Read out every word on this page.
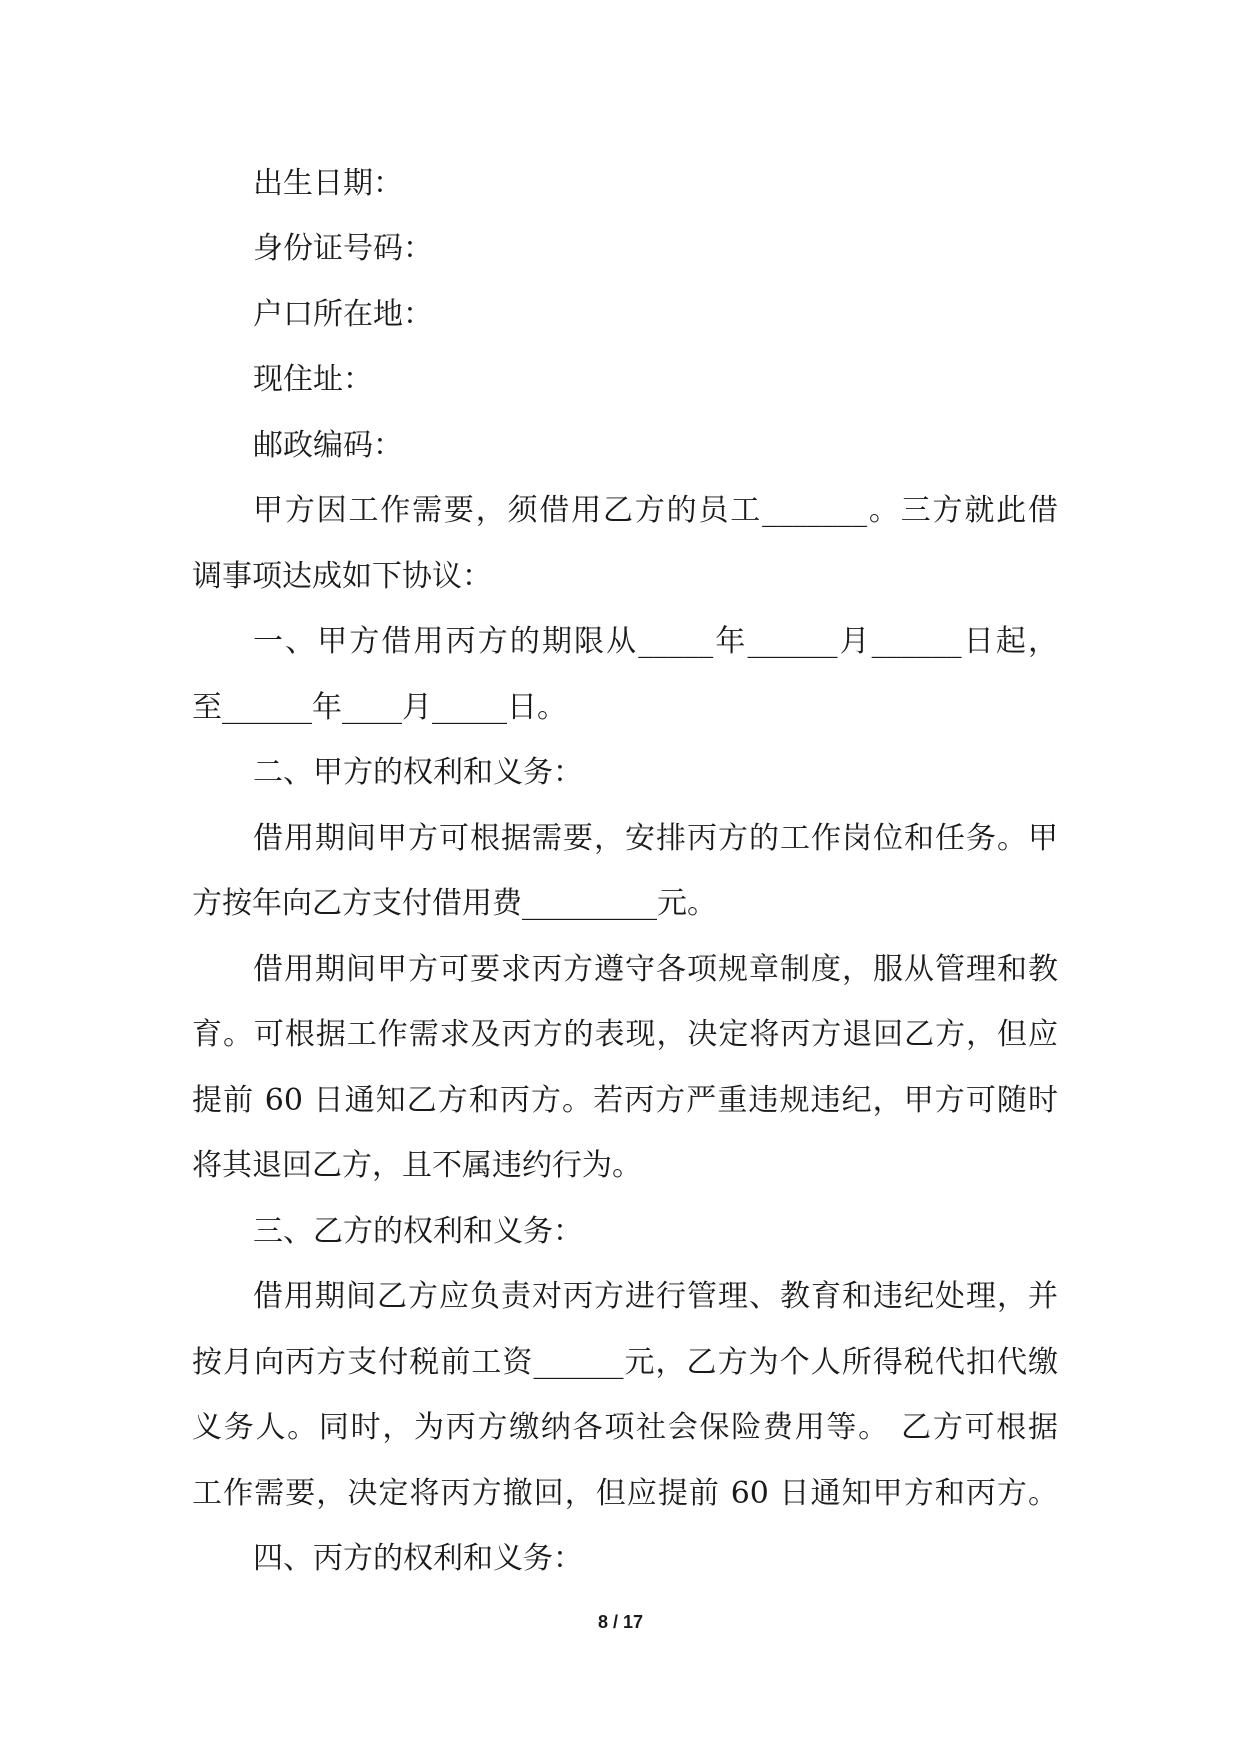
出生日期：
身份证号码：
户口所在地：
现住址：
邮政编码：
甲方因工作需要，须借用乙方的员工_______。三方就此借
调事项达成如下协议：
一、甲方借用丙方的期限从_____年______月______日起，
至______年____月_____日。
二、甲方的权利和义务：
借用期间甲方可根据需要，安排丙方的工作岗位和任务。甲
方按年向乙方支付借用费_________元。
借用期间甲方可要求丙方遵守各项规章制度，服从管理和教
育。可根据工作需求及丙方的表现，决定将丙方退回乙方，但应
提前 60 日通知乙方和丙方。若丙方严重违规违纪，甲方可随时
将其退回乙方，且不属违约行为。
三、乙方的权利和义务：
借用期间乙方应负责对丙方进行管理、教育和违纪处理，并
按月向丙方支付税前工资______元，乙方为个人所得税代扣代缴
义务人。同时，为丙方缴纳各项社会保险费用等。 乙方可根据
工作需要，决定将丙方撤回，但应提前 60 日通知甲方和丙方。
四、丙方的权利和义务：
8 / 17
